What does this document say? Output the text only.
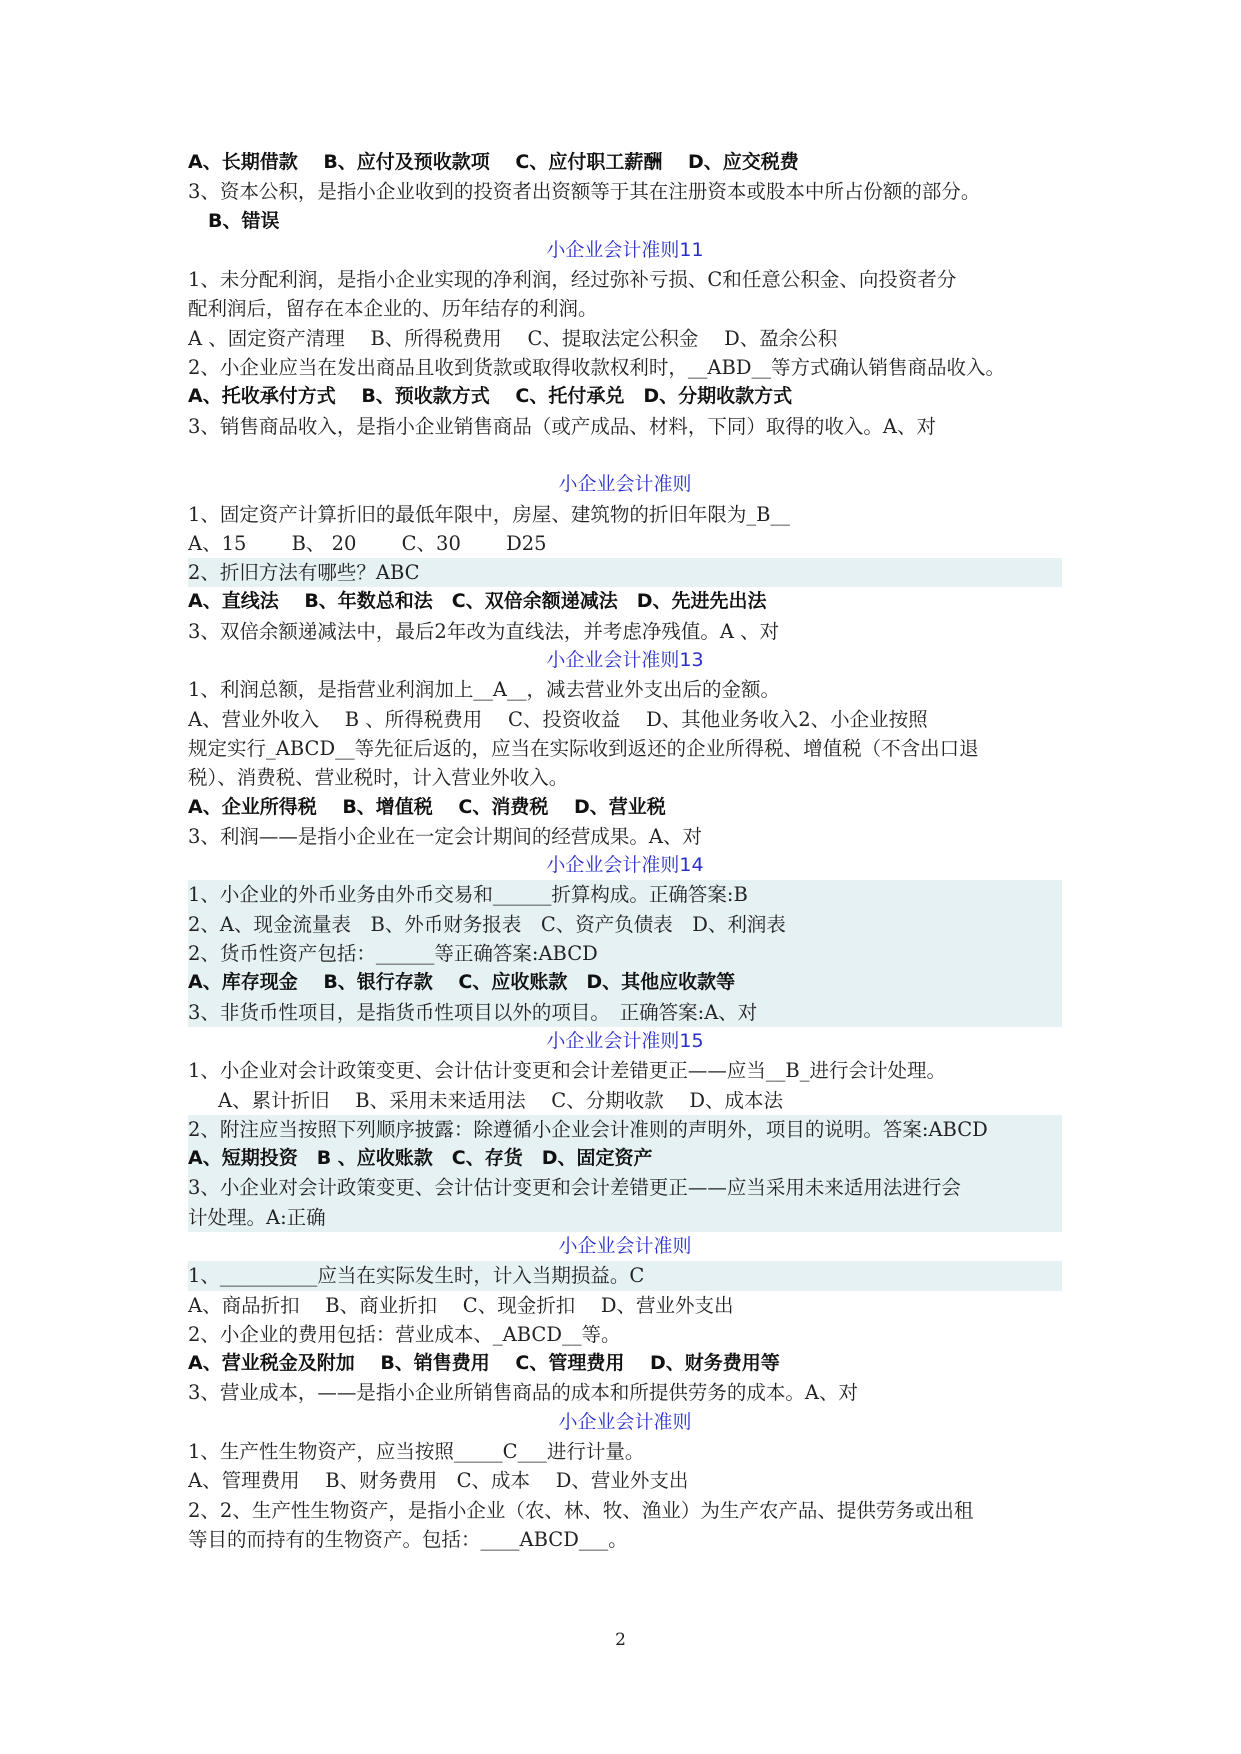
A、长期借款　 B、应付及预收款项　 C、应付职工薪酬　 D、应交税费
3、资本公积，是指小企业收到的投资者出资额等于其在注册资本或股本中所占份额的部分。
B、错误
小企业会计准则11
1、未分配利润，是指小企业实现的净利润，经过弥补亏损、C和任意公积金、向投资者分
配利润后，留存在本企业的、历年结存的利润。
A 、固定资产清理　 B、所得税费用　 C、提取法定公积金　 D、盈余公积
2、小企业应当在发出商品且收到货款或取得收款权利时，__ABD__等方式确认销售商品收入。
A、托收承付方式　 B、预收款方式　 C、托付承兑　D、分期收款方式
3、销售商品收入，是指小企业销售商品（或产成品、材料，下同）取得的收入。A、对
小企业会计准则
1、固定资产计算折旧的最低年限中，房屋、建筑物的折旧年限为_B__
A、15　　 B、 20　　 C、30　　 D25
2、折旧方法有哪些？ABC
A、直线法　 B、年数总和法　C、双倍余额递减法　D、先进先出法
3、双倍余额递减法中，最后2年改为直线法，并考虑净残值。A 、对
小企业会计准则13
1、利润总额，是指营业利润加上__A__，减去营业外支出后的金额。
A、营业外收入　 B 、所得税费用　 C、投资收益　 D、其他业务收入2、小企业按照
规定实行_ABCD__等先征后返的，应当在实际收到返还的企业所得税、增值税（不含出口退
税）、消费税、营业税时，计入营业外收入。
A、企业所得税　 B、增值税　 C、消费税　 D、营业税
3、利润——是指小企业在一定会计期间的经营成果。A、对
小企业会计准则14
1、小企业的外币业务由外币交易和______折算构成。正确答案:B
2、A、现金流量表　B、外币财务报表　C、资产负债表　D、利润表
2、货币性资产包括：______等正确答案:ABCD
A、库存现金　 B、银行存款　 C、应收账款　D、其他应收款等
3、非货币性项目，是指货币性项目以外的项目。　正确答案:A、对
小企业会计准则15
1、小企业对会计政策变更、会计估计变更和会计差错更正——应当__B_进行会计处理。
A、累计折旧　 B、采用未来适用法　 C、分期收款　 D、成本法
2、附注应当按照下列顺序披露：除遵循小企业会计准则的声明外，项目的说明。答案:ABCD
A、短期投资　B 、应收账款　C、存货　D、固定资产
3、小企业对会计政策变更、会计估计变更和会计差错更正——应当采用未来适用法进行会
计处理。A:正确
小企业会计准则
1、__________应当在实际发生时，计入当期损益。C
A、商品折扣　 B、商业折扣　 C、现金折扣　 D、营业外支出
2、小企业的费用包括：营业成本、_ABCD__等。
A、营业税金及附加　 B、销售费用　 C、管理费用　 D、财务费用等
3、营业成本，——是指小企业所销售商品的成本和所提供劳务的成本。A、对
小企业会计准则
1、生产性生物资产，应当按照_____C___进行计量。
A、管理费用　 B、财务费用　C、成本　 D、营业外支出
2、2、生产性生物资产，是指小企业（农、林、牧、渔业）为生产农产品、提供劳务或出租
等目的而持有的生物资产。包括：____ABCD___。
2
